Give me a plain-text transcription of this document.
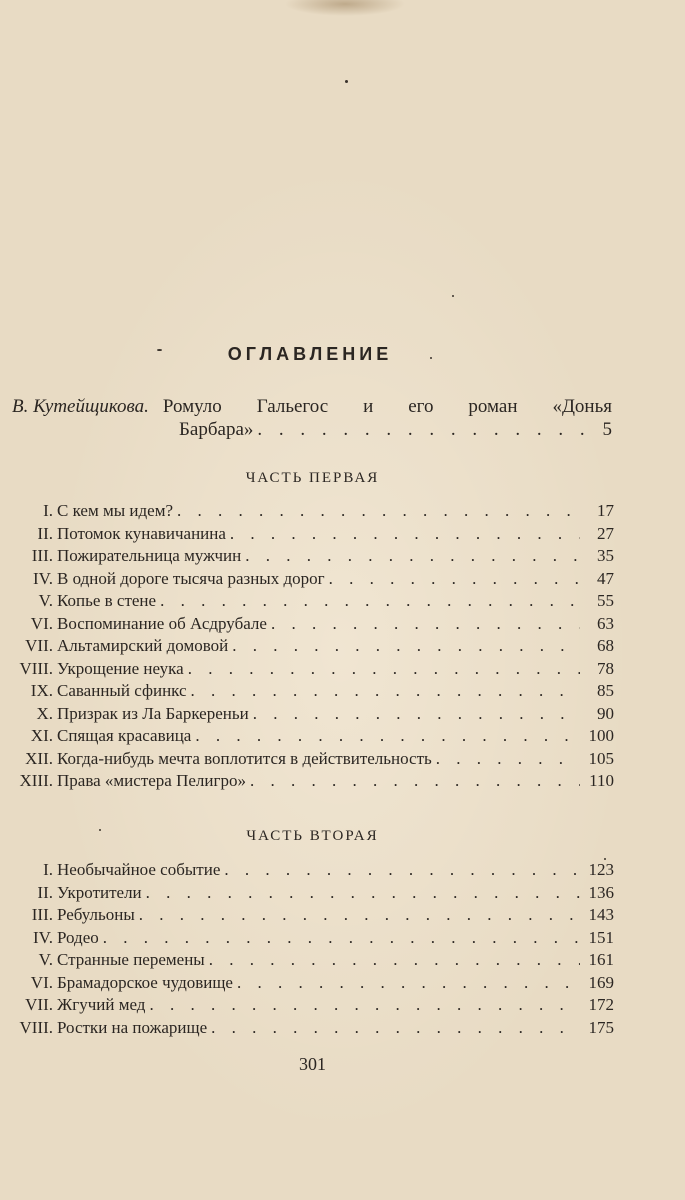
ОГЛАВЛЕНИЕ
В. Кутейщикова. Ромуло Гальегос и его роман «Донья
Барбара» . . .	5
ЧАСТЬ ПЕРВАЯ
I. С кем мы идем? . . .	17
II. Потомок кунавичанина . . .	27
III. Пожирательница мужчин . . .	35
IV. В одной дороге тысяча разных дорог . . .	47
V. Копье в стене . . .	55
VI. Воспоминание об Асдрубале . . .	63
VII. Альтамирский домовой . . .	68
VIII. Укрощение неука . . .	78
IX. Саванный сфинкс . . .	85
X. Призрак из Ла Баркереньи . . .	90
XI. Спящая красавица . . .	100
XII. Когда-нибудь мечта воплотится в действительность . . .	105
XIII. Права «мистера Пелигро» . . .	110
ЧАСТЬ ВТОРАЯ
I. Необычайное событие . . .	123
II. Укротители . . .	136
III. Ребульоны . . .	143
IV. Родео . . .	151
V. Странные перемены . . .	161
VI. Брамадорское чудовище . . .	169
VII. Жгучий мед . . .	172
VIII. Ростки на пожарище . . .	175
301
